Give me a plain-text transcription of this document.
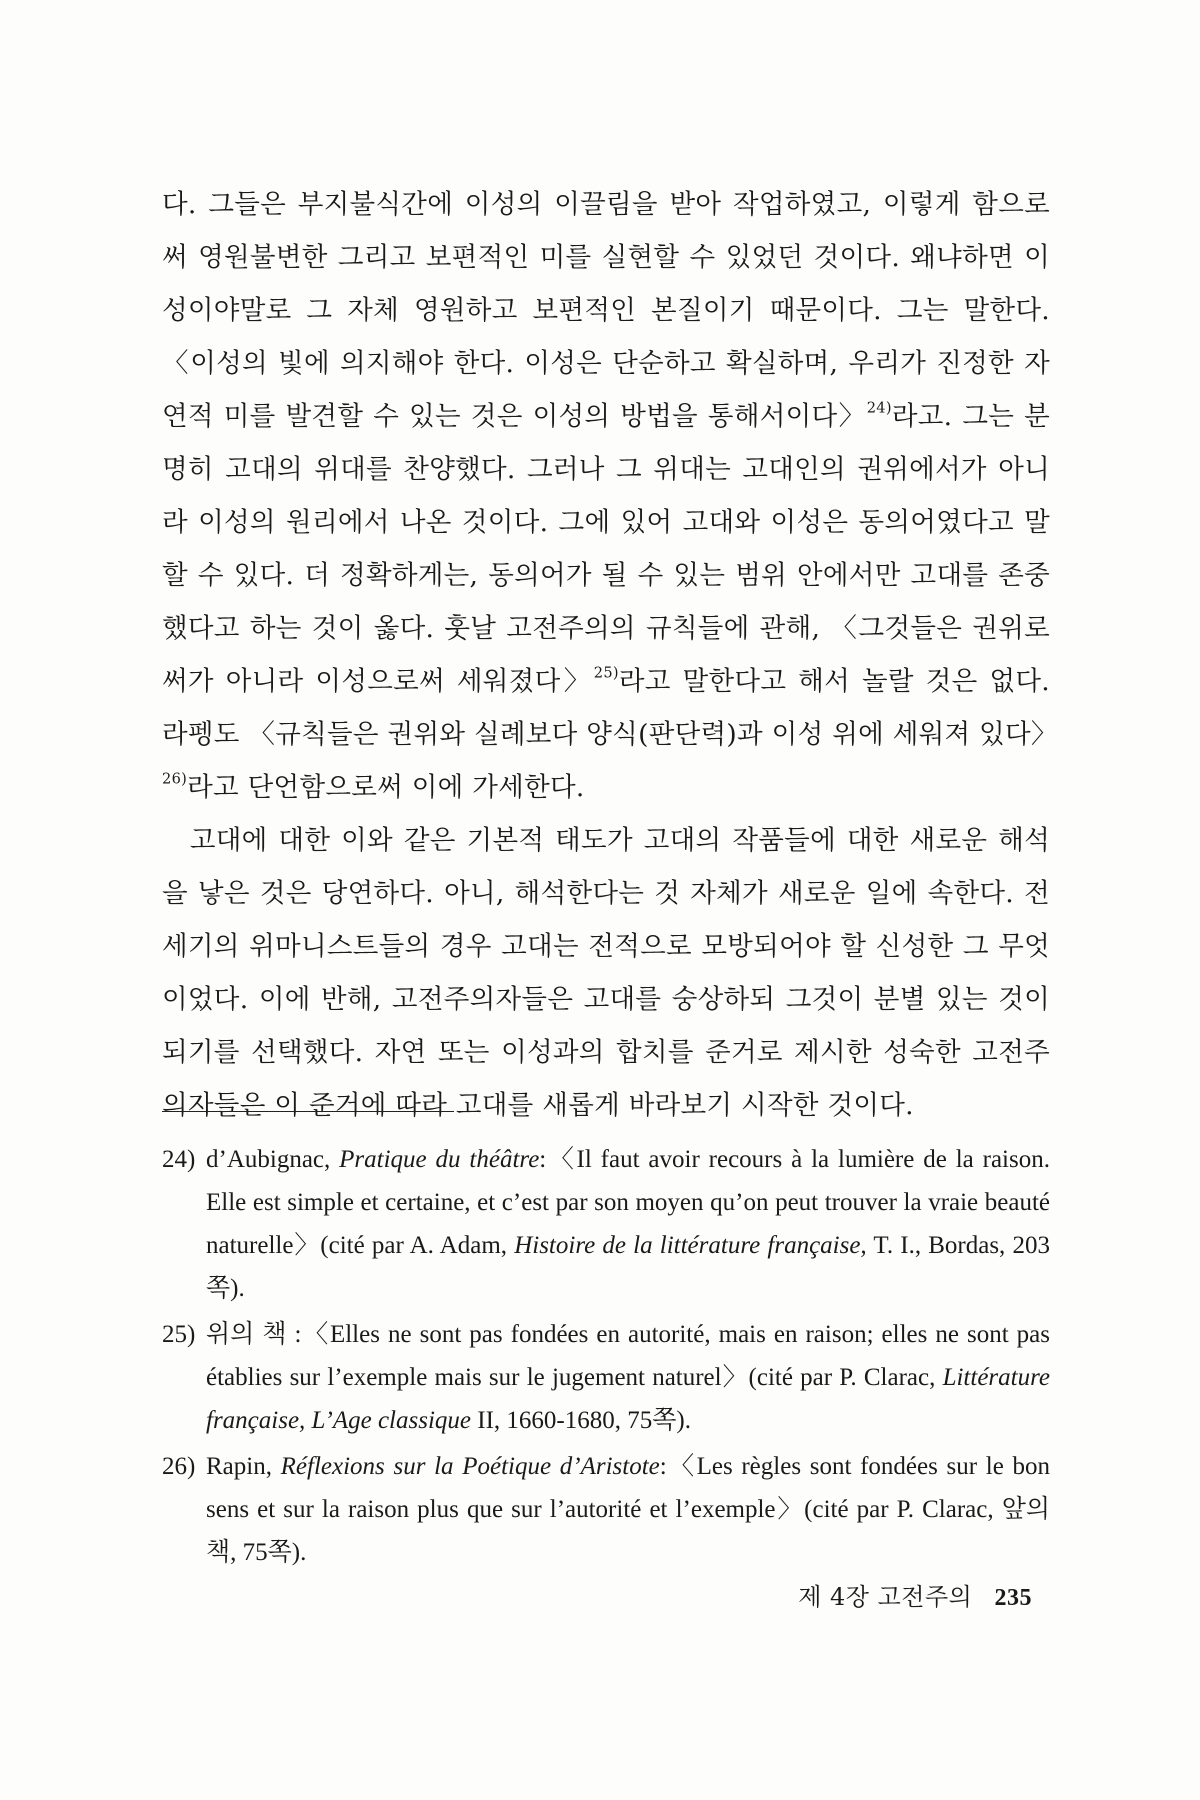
다. 그들은 부지불식간에 이성의 이끌림을 받아 작업하였고, 이렇게 함으로써 영원불변한 그리고 보편적인 미를 실현할 수 있었던 것이다. 왜냐하면 이성이야말로 그 자체 영원하고 보편적인 본질이기 때문이다. 그는 말한다. 〈이성의 빛에 의지해야 한다. 이성은 단순하고 확실하며, 우리가 진정한 자연적 미를 발견할 수 있는 것은 이성의 방법을 통해서이다〉$^{24)}$라고. 그는 분명히 고대의 위대를 찬양했다. 그러나 그 위대는 고대인의 권위에서가 아니라 이성의 원리에서 나온 것이다. 그에 있어 고대와 이성은 동의어였다고 말할 수 있다. 더 정확하게는, 동의어가 될 수 있는 범위 안에서만 고대를 존중했다고 하는 것이 옳다. 훗날 고전주의의 규칙들에 관해, 〈그것들은 권위로써가 아니라 이성으로써 세워졌다〉$^{25)}$라고 말한다고 해서 놀랄 것은 없다. 라펭도 〈규칙들은 권위와 실례보다 양식(판단력)과 이성 위에 세워져 있다〉$^{26)}$라고 단언함으로써 이에 가세한다.

고대에 대한 이와 같은 기본적 태도가 고대의 작품들에 대한 새로운 해석을 낳은 것은 당연하다. 아니, 해석한다는 것 자체가 새로운 일에 속한다. 전세기의 위마니스트들의 경우 고대는 전적으로 모방되어야 할 신성한 그 무엇이었다. 이에 반해, 고전주의자들은 고대를 숭상하되 그것이 분별 있는 것이 되기를 선택했다. 자연 또는 이성과의 합치를 준거로 제시한 성숙한 고전주의자들은 이 준거에 따라 고대를 새롭게 바라보기 시작한 것이다.

24) d’Aubignac, Pratique du théâtre:〈Il faut avoir recours à la lumière de la raison. Elle est simple et certaine, et c’est par son moyen qu’on peut trouver la vraie beauté naturelle〉(cité par A. Adam, Histoire de la littérature française, T. I., Bordas, 203쪽).
25) 위의 책 :〈Elles ne sont pas fondées en autorité, mais en raison; elles ne sont pas établies sur l’exemple mais sur le jugement naturel〉(cité par P. Clarac, Littérature française, L’Age classique II, 1660-1680, 75쪽).
26) Rapin, Réflexions sur la Poétique d’Aristote:〈Les règles sont fondées sur le bon sens et sur la raison plus que sur l’autorité et l’exemple〉(cité par P. Clarac, 앞의 책, 75쪽).
제 4장 고전주의 235
